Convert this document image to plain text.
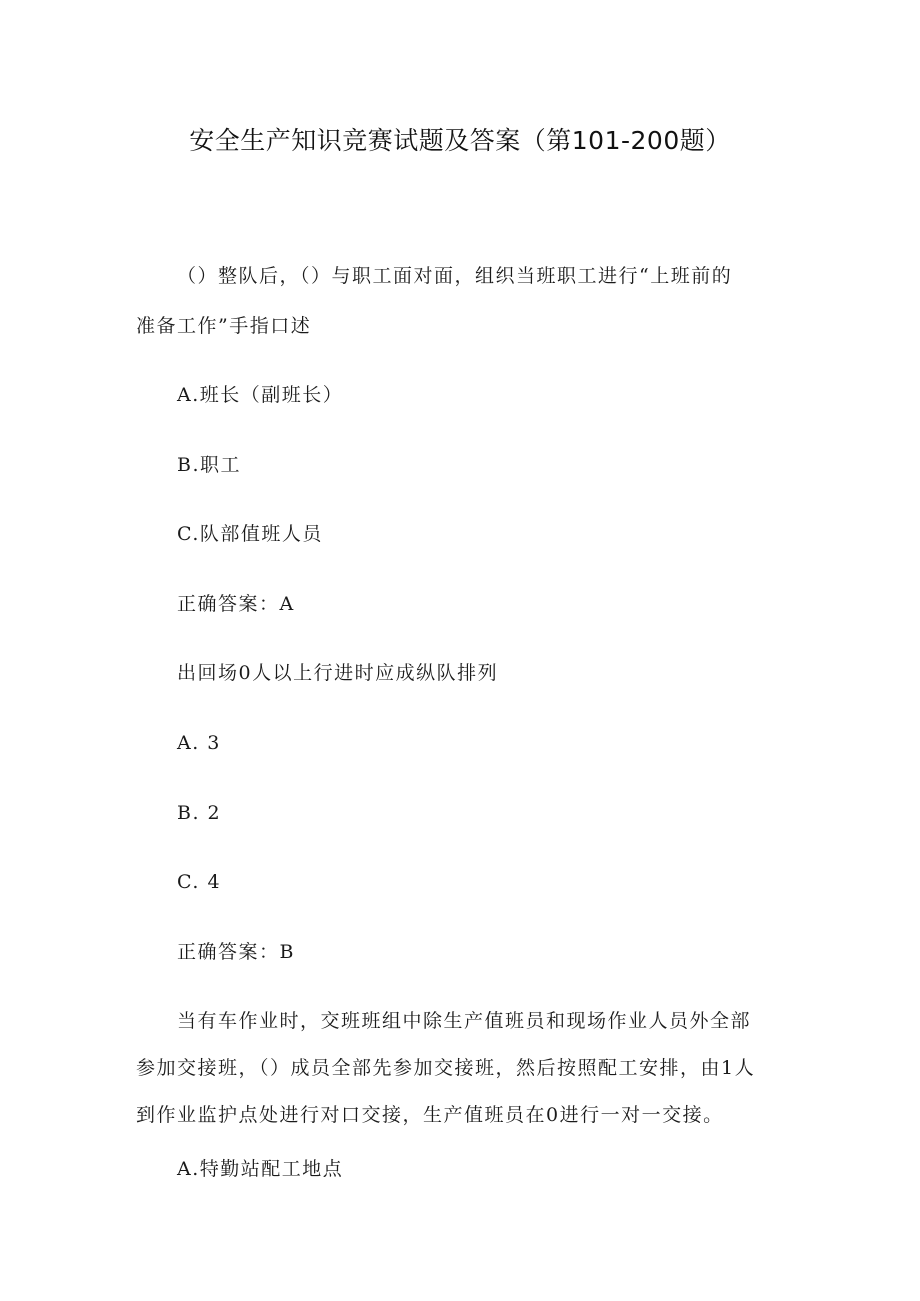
安全生产知识竞赛试题及答案（第101-200题）
（）整队后，（）与职工面对面，组织当班职工进行“上班前的
准备工作”手指口述
A.班长（副班长）
B.职工
C.队部值班人员
正确答案：A
出回场0人以上行进时应成纵队排列
A. 3
B. 2
C. 4
正确答案：B
当有车作业时，交班班组中除生产值班员和现场作业人员外全部
参加交接班，（）成员全部先参加交接班，然后按照配工安排，由1人
到作业监护点处进行对口交接，生产值班员在0进行一对一交接。
A.特勤站配工地点
